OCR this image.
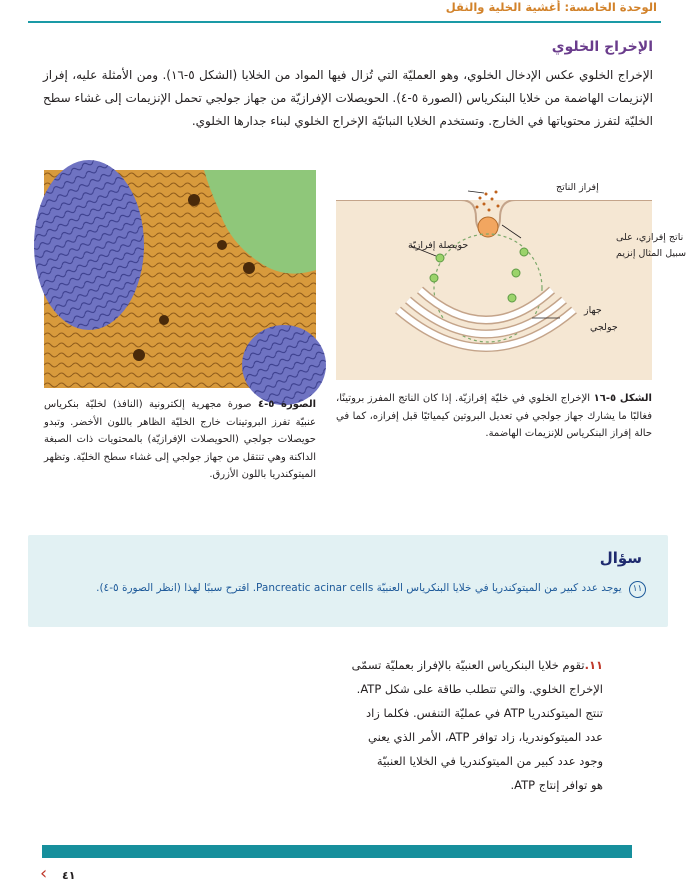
الوحدة الخامسة: أغشية الخلية والنقل
الإخراج الخلوي
الإخراج الخلوي عكس الإدخال الخلوي، وهو العمليّة التي تُزال فيها المواد من الخلايا (الشكل ٥-١٦). ومن الأمثلة عليه، إفراز الإنزيمات الهاضمة من خلايا البنكرياس (الصورة ٥-٤). الحويصلات الإفرازيّة من جهاز جولجي تحمل الإنزيمات إلى غشاء سطح الخليّة لتفرز محتوياتها في الخارج. وتستخدم الخلايا النباتيّة الإخراج الخلوي لبناء جدارها الخلوي.
إفراز الناتج
حويصلة إفرازيّة
ناتج إفرازي، على
سبيل المثال إنزيم
جهاز
جولجي
الشكل ٥-١٦ الإخراج الخلوي في خليّة إفرازيّة. إذا كان الناتج المفرز بروتينًا، فغالبًا ما يشارك جهاز جولجي في تعديل البروتين كيميائيًا قبل إفرازه، كما في حالة إفراز البنكرياس للإنزيمات الهاضمة.
الصورة ٥-٤ صورة مجهرية إلكترونية (النافذ) لخليّة بنكرياس عنبيّة تفرز البروتينات خارج الخليّة الظاهر باللون الأخضر. وتبدو حويصلات جولجي (الحويصلات الإفرازيّة) بالمحتويات ذات الصبغة الداكنة وهي تنتقل من جهاز جولجي إلى غشاء سطح الخليّة. وتظهر الميتوكندريا باللون الأزرق.
سؤال
١١ يوجد عدد كبير من الميتوكندريا في خلايا البنكرياس العنبيّة Pancreatic acinar cells. اقترح سببًا لهذا (انظر الصورة ٥-٤).
١١.تقوم خلايا البنكرياس العنبيّة بالإفراز بعمليّة تسمّى
الإخراج الخلوي. والتي تتطلب طاقة على شكل ATP.
تنتج الميتوكندريا ATP في عمليّة التنفس. فكلما زاد
عدد الميتوكوندريا، زاد توافر ATP، الأمر الذي يعني
وجود عدد كبير من الميتوكندريا في الخلايا العنبيّة
هو توافر إنتاج ATP.
‹ ٤١
